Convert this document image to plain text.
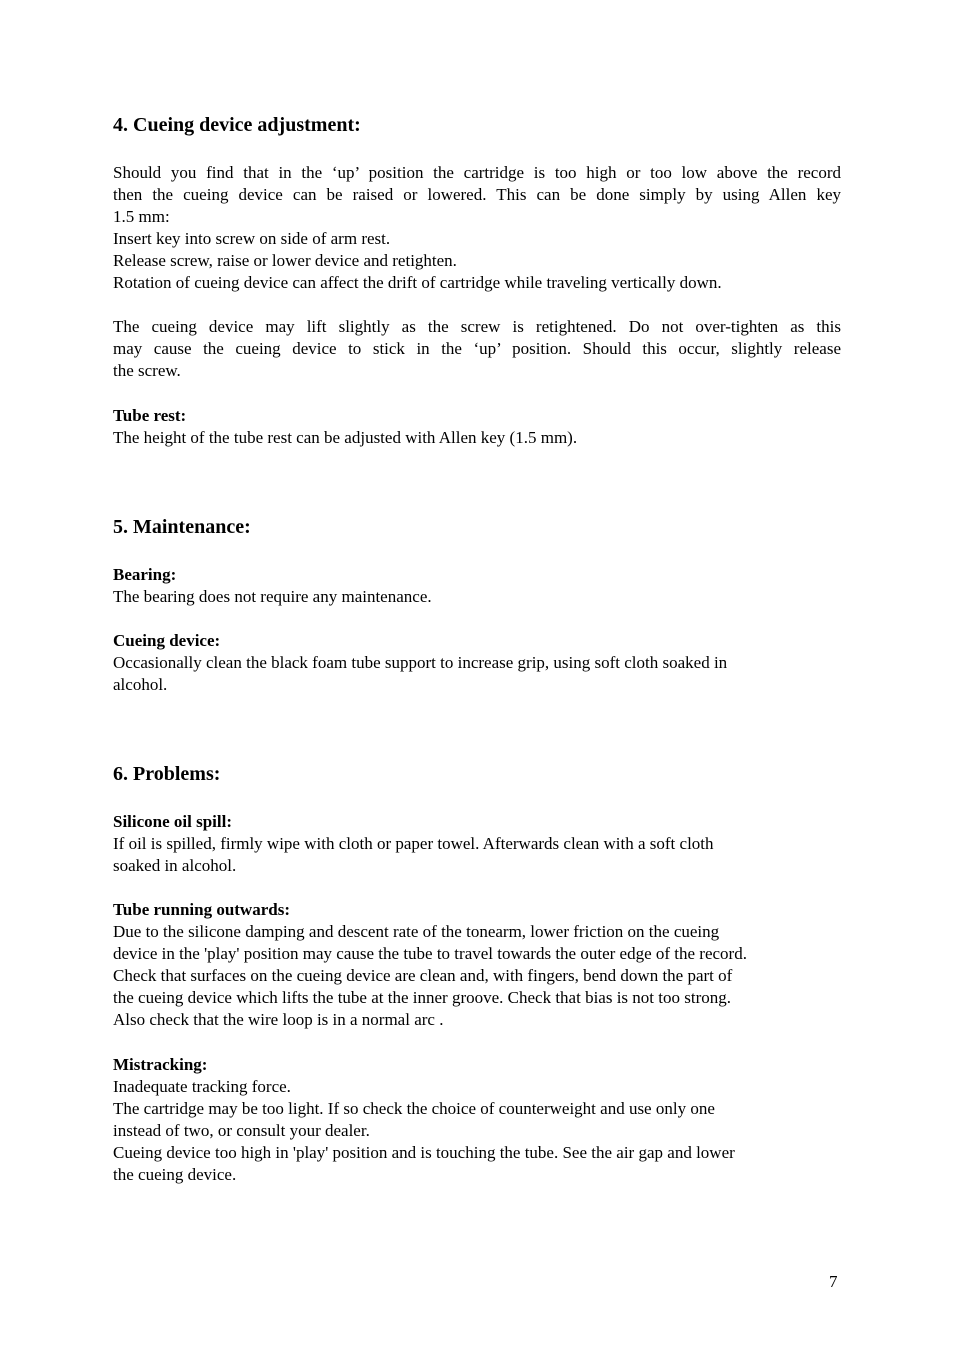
4. Cueing device adjustment:
Should you find that in the ‘up’ position the cartridge is too high or too low above the record
then the cueing device can be raised or lowered. This can be done simply by using Allen key
1.5 mm:
Insert key into screw on side of arm rest.
Release screw, raise or lower device and retighten.
Rotation of cueing device can affect the drift of cartridge while traveling vertically down.
The cueing device may lift slightly as the screw is retightened. Do not over-tighten as this
may cause the cueing device to stick in the ‘up’ position. Should this occur, slightly release
the screw.
Tube rest:
The height of the tube rest can be adjusted with Allen key (1.5 mm).
5. Maintenance:
Bearing:
The bearing does not require any maintenance.
Cueing device:
Occasionally clean the black foam tube support to increase grip, using soft cloth soaked in
alcohol.
6. Problems:
Silicone oil spill:
If oil is spilled, firmly wipe with cloth or paper towel. Afterwards clean with a soft cloth
soaked in alcohol.
Tube running outwards:
Due to the silicone damping and descent rate of the tonearm, lower friction on the cueing
device in the 'play' position may cause the tube to travel towards the outer edge of the record.
Check that surfaces on the cueing device are clean and, with fingers, bend down the part of
the cueing device which lifts the tube at the inner groove. Check that bias is not too strong.
Also check that the wire loop is in a normal arc .
Mistracking:
Inadequate tracking force.
The cartridge may be too light. If so check the choice of counterweight and use only one
instead of two, or consult your dealer.
Cueing device too high in 'play' position and is touching the tube. See the air gap and lower
the cueing device.
7
